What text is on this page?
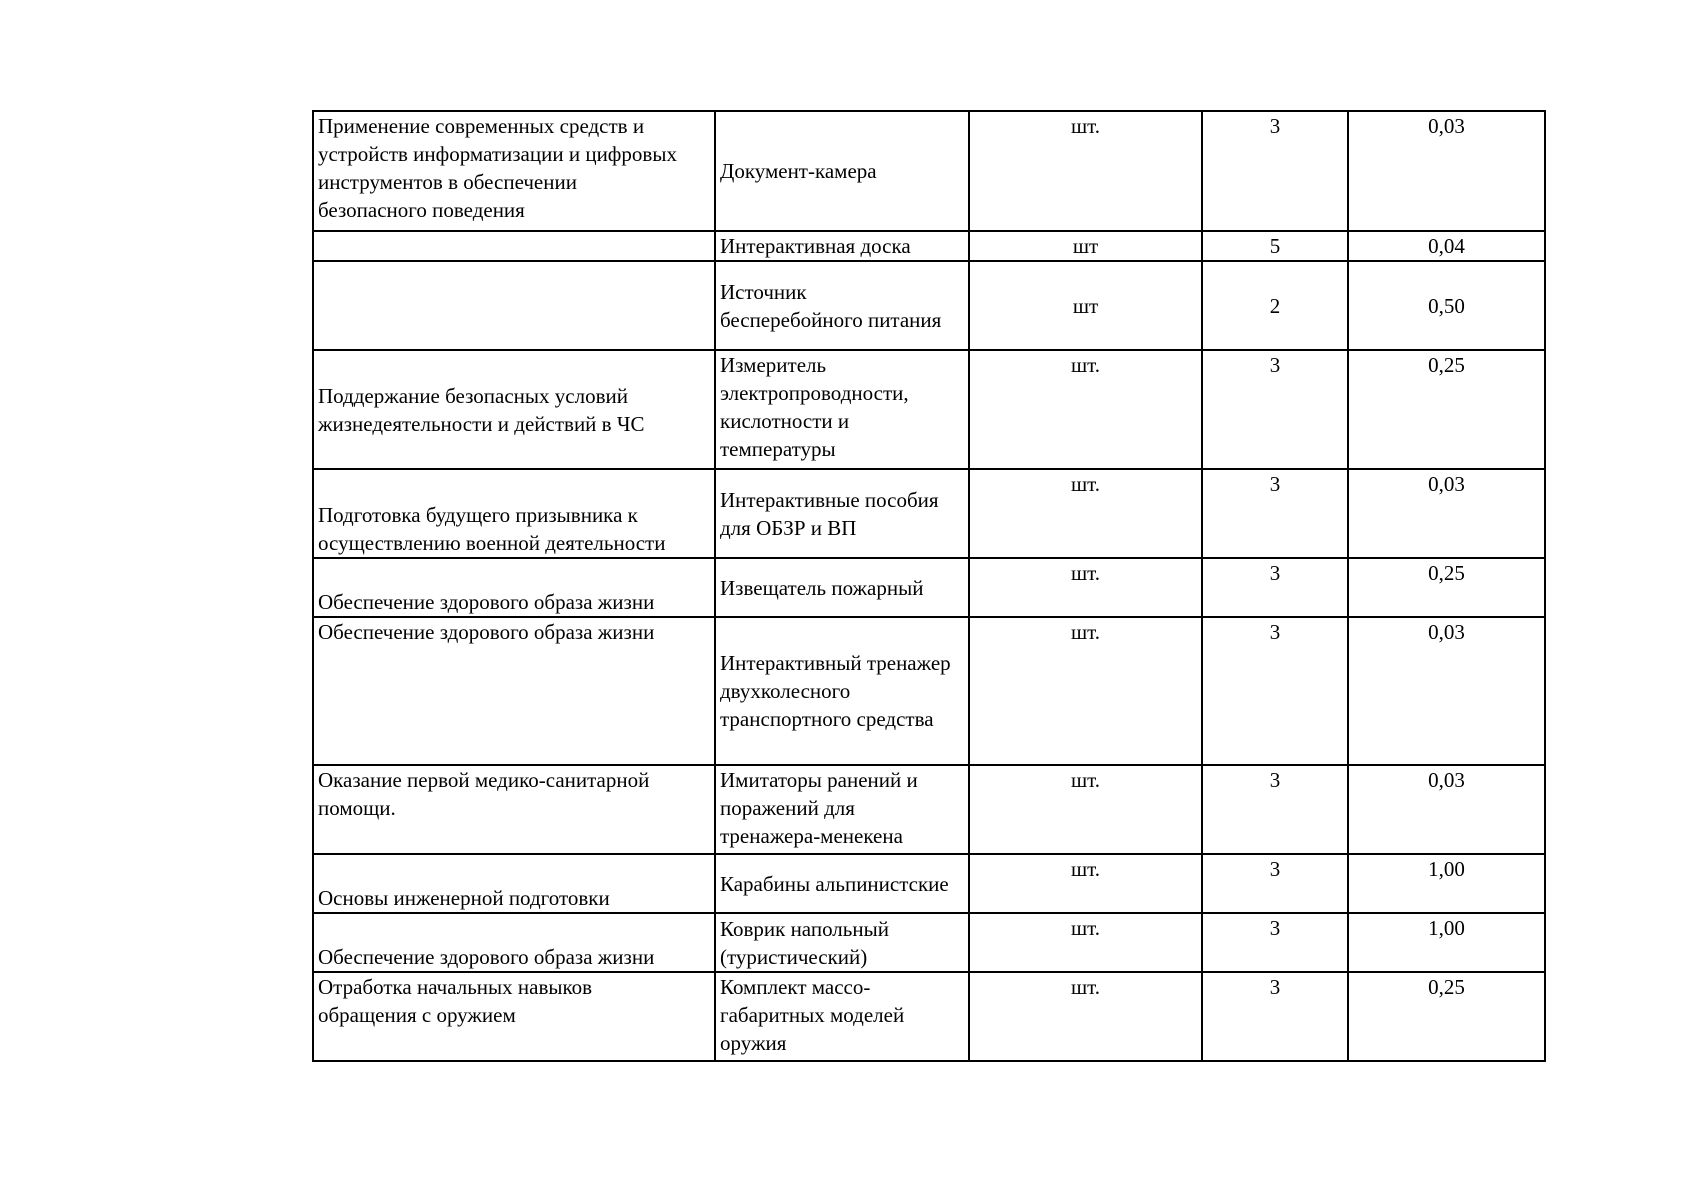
Применение современных средств и
устройств информатизации и цифровых
инструментов в обеспечении
безопасного поведения	Документ-камера	шт.	3	0,03
	Интерактивная доска	шт	5	0,04
	Источник
бесперебойного питания	шт	2	0,50
Поддержание безопасных условий
жизнедеятельности и действий в ЧС	Измеритель
электропроводности,
кислотности и
температуры	шт.	3	0,25
Подготовка будущего призывника к
осуществлению военной деятельности	Интерактивные пособия
для ОБЗР и ВП	шт.	3	0,03
Обеспечение здорового образа жизни	Извещатель пожарный	шт.	3	0,25
Обеспечение здорового образа жизни	Интерактивный тренажер
двухколесного
транспортного средства	шт.	3	0,03
Оказание первой медико-санитарной
помощи.	Имитаторы ранений и
поражений для
тренажера-менекена	шт.	3	0,03
Основы инженерной подготовки	Карабины альпинистские	шт.	3	1,00
Обеспечение здорового образа жизни	Коврик напольный
(туристический)	шт.	3	1,00
Отработка начальных навыков
обращения с оружием	Комплект массо-
габаритных моделей
оружия	шт.	3	0,25
